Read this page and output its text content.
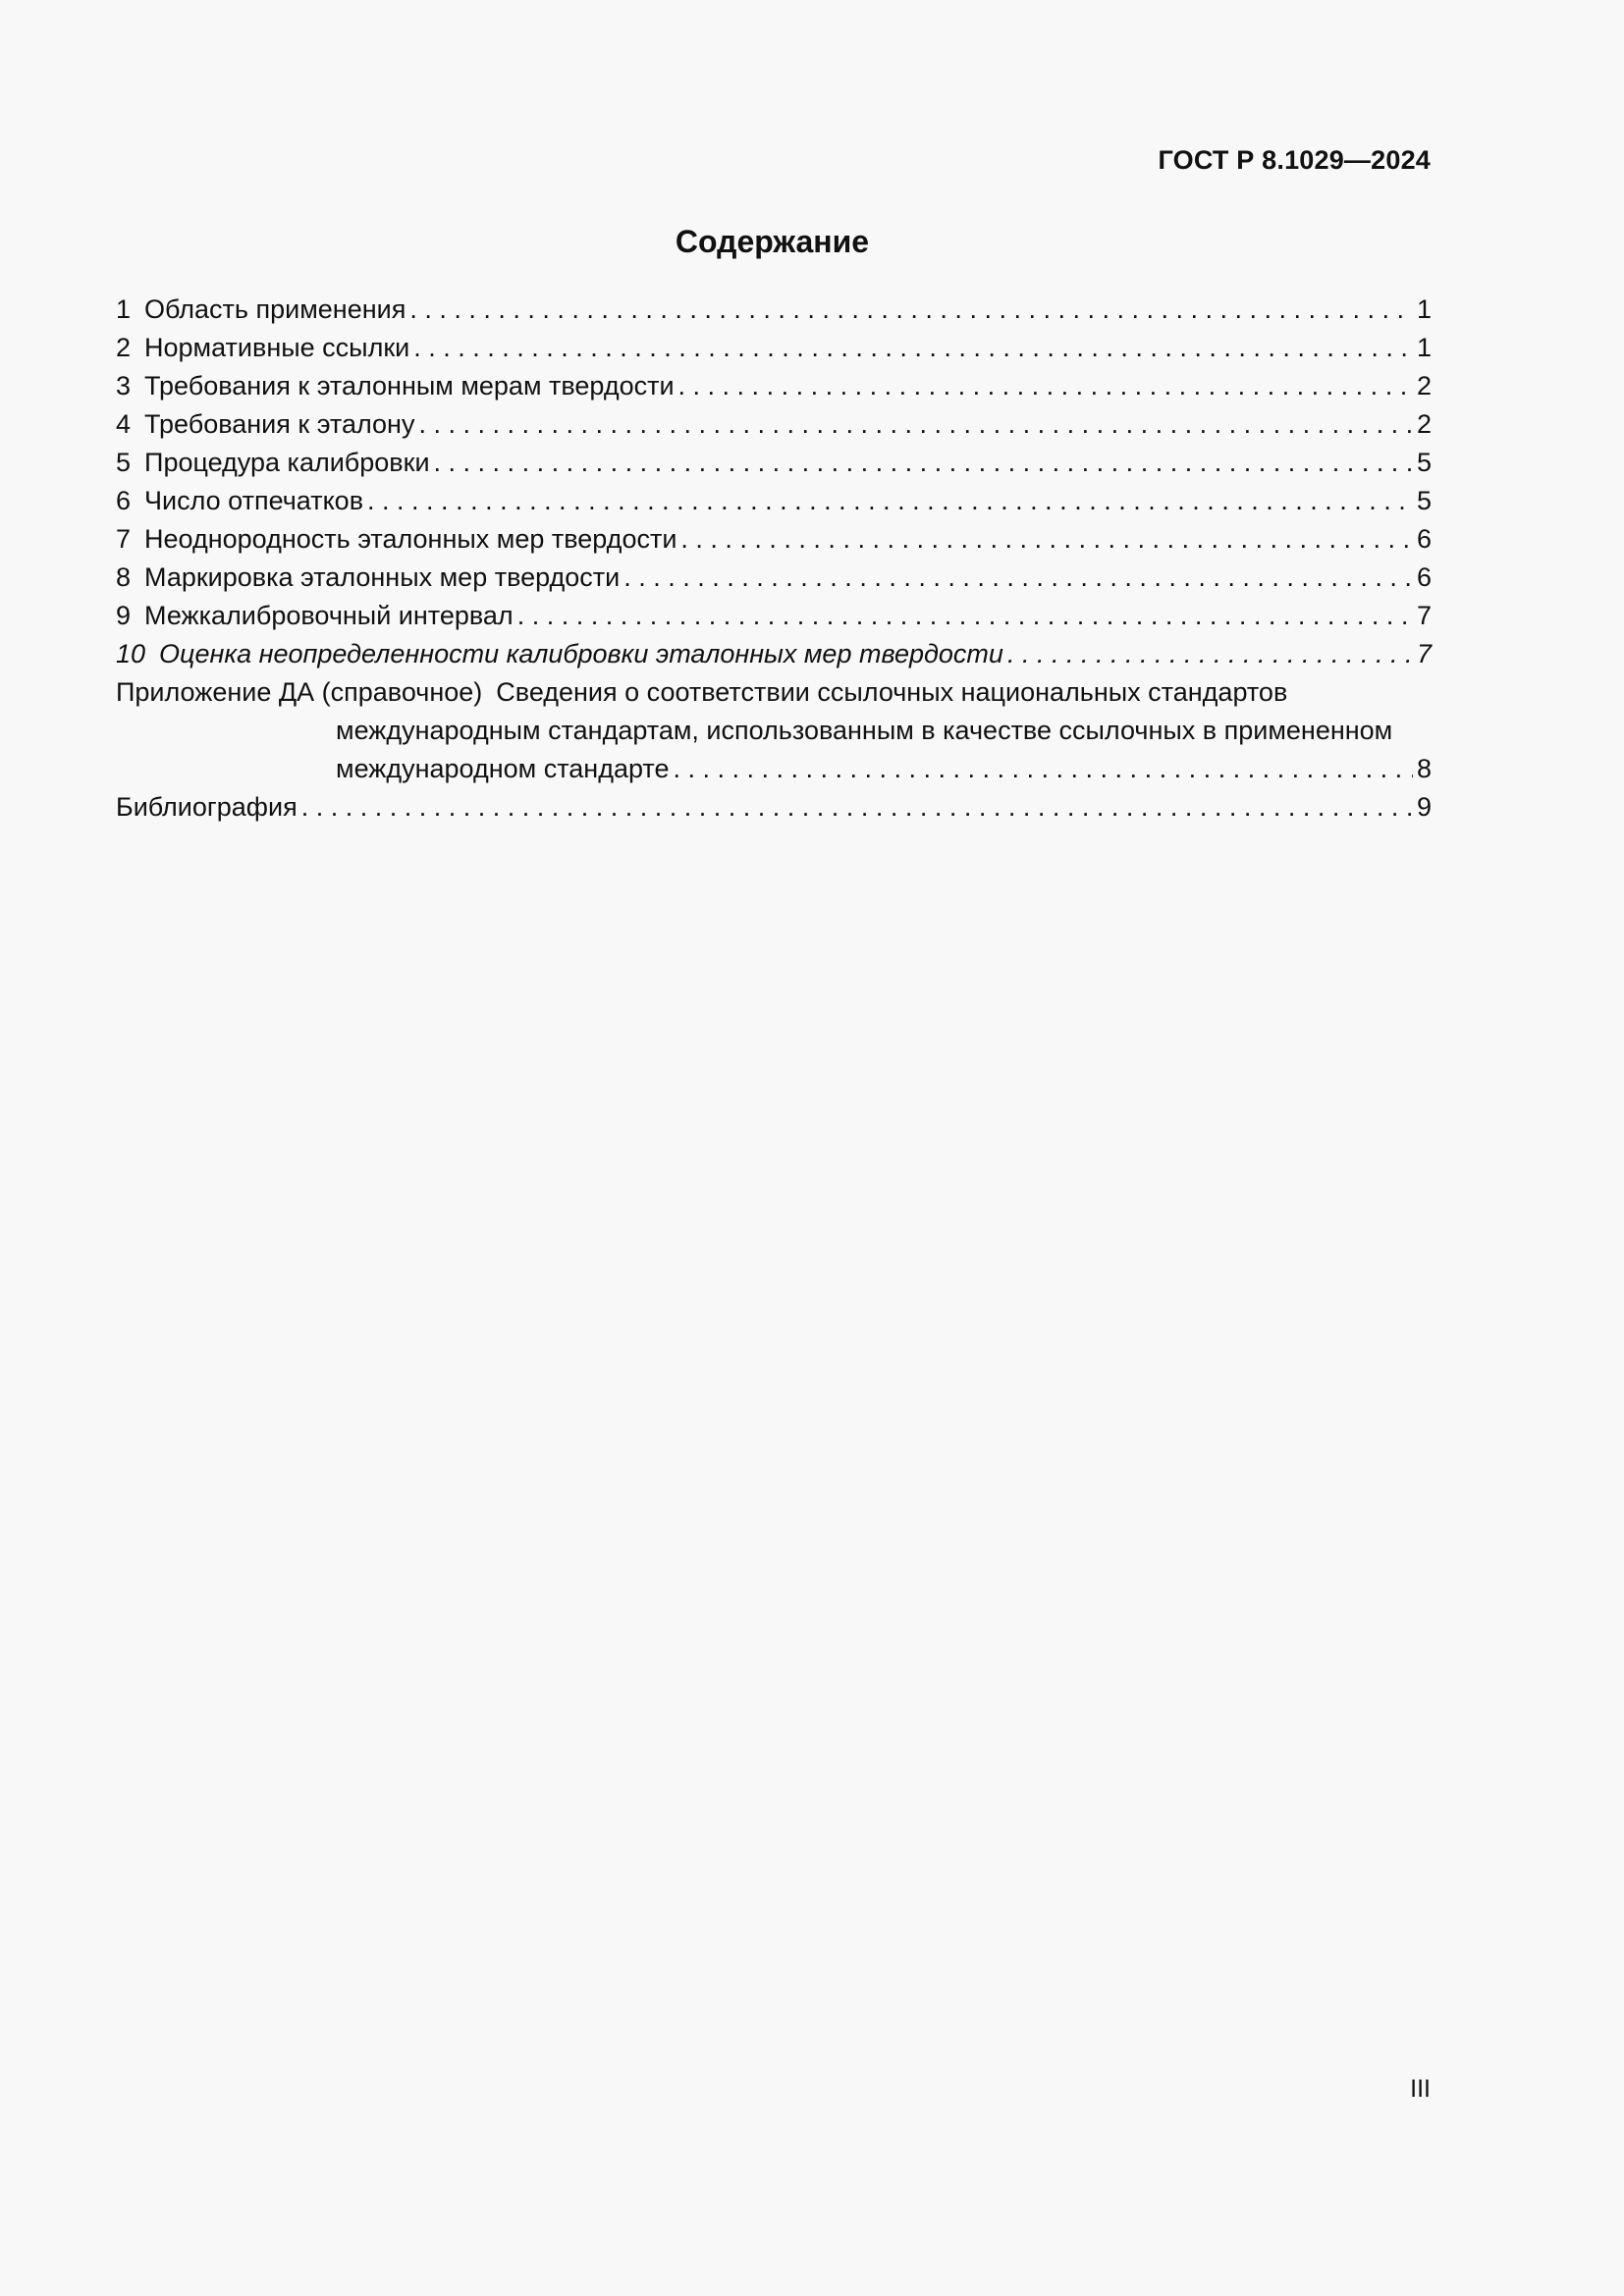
ГОСТ Р 8.1029—2024
Содержание
1 Область применения . . .	1
2 Нормативные ссылки . . .	1
3 Требования к эталонным мерам твердости . . .	2
4 Требования к эталону . . .	2
5 Процедура калибровки . . .	5
6 Число отпечатков . . .	5
7 Неоднородность эталонных мер твердости . . .	6
8 Маркировка эталонных мер твердости . . .	6
9 Межкалибровочный интервал . . .	7
10 Оценка неопределенности калибровки эталонных мер твердости . . .	7
Приложение ДА (справочное) Сведения о соответствии ссылочных национальных стандартов
международным стандартам, использованным в качестве ссылочных в примененном
международном стандарте . . .	8
Библиография . . .	9
III
